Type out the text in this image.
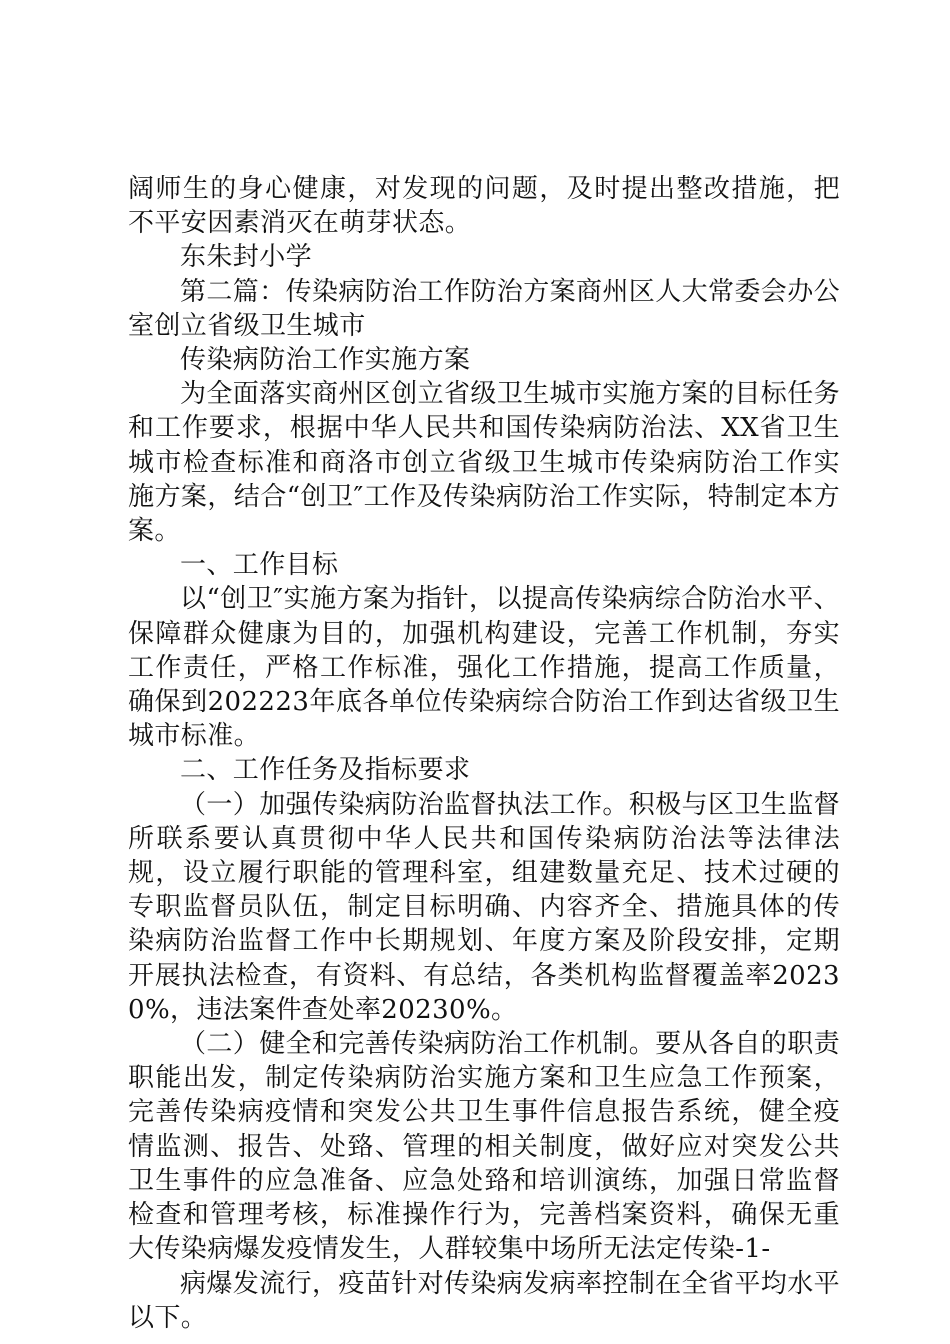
阔师生的身心健康，对发现的问题，及时提出整改措施，把不平安因素消灭在萌芽状态。

东朱封小学

第二篇：传染病防治工作防治方案商州区人大常委会办公室创立省级卫生城市

传染病防治工作实施方案

为全面落实商州区创立省级卫生城市实施方案的目标任务和工作要求，根据中华人民共和国传染病防治法、XX省卫生城市检查标准和商洛市创立省级卫生城市传染病防治工作实施方案，结合“创卫″工作及传染病防治工作实际，特制定本方案。

一、工作目标

以“创卫″实施方案为指针，以提高传染病综合防治水平、保障群众健康为目的，加强机构建设，完善工作机制，夯实工作责任，严格工作标准，强化工作措施，提高工作质量，确保到202223年底各单位传染病综合防治工作到达省级卫生城市标准。

二、工作任务及指标要求

（一）加强传染病防治监督执法工作。积极与区卫生监督所联系要认真贯彻中华人民共和国传染病防治法等法律法规，设立履行职能的管理科室，组建数量充足、技术过硬的专职监督员队伍，制定目标明确、内容齐全、措施具体的传染病防治监督工作中长期规划、年度方案及阶段安排，定期开展执法检查，有资料、有总结，各类机构监督覆盖率20230%，违法案件查处率20230%。

（二）健全和完善传染病防治工作机制。要从各自的职责职能出发，制定传染病防治实施方案和卫生应急工作预案，完善传染病疫情和突发公共卫生事件信息报告系统，健全疫情监测、报告、处臵、管理的相关制度，做好应对突发公共卫生事件的应急准备、应急处臵和培训演练，加强日常监督检查和管理考核，标准操作行为，完善档案资料，确保无重大传染病爆发疫情发生，人群较集中场所无法定传染-1-

病爆发流行，疫苗针对传染病发病率控制在全省平均水平以下。
